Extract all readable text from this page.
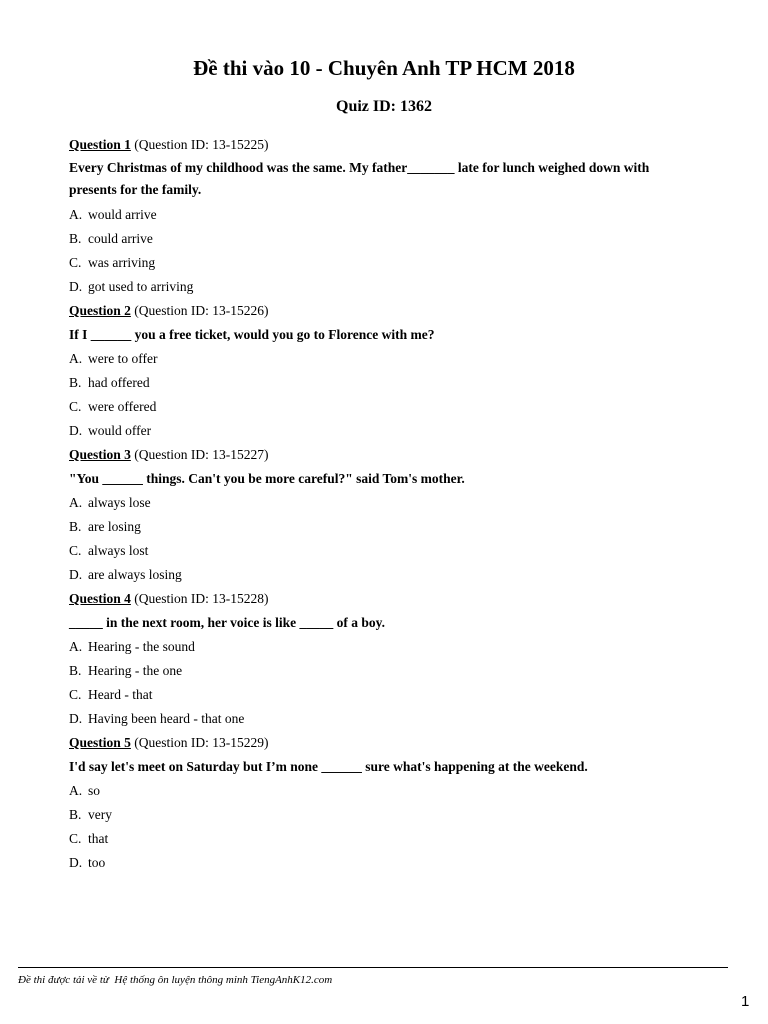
Đề thi vào 10 - Chuyên Anh TP HCM 2018
Quiz ID: 1362
Question 1 (Question ID: 13-15225)
Every Christmas of my childhood was the same. My father_______ late for lunch weighed down with presents for the family.
A. would arrive
B. could arrive
C. was arriving
D. got used to arriving
Question 2 (Question ID: 13-15226)
If I ______ you a free ticket, would you go to Florence with me?
A. were to offer
B. had offered
C. were offered
D. would offer
Question 3 (Question ID: 13-15227)
"You ______ things. Can't you be more careful?" said Tom's mother.
A. always lose
B. are losing
C. always lost
D. are always losing
Question 4 (Question ID: 13-15228)
_____ in the next room, her voice is like _____ of a boy.
A. Hearing - the sound
B. Hearing - the one
C. Heard - that
D. Having been heard - that one
Question 5 (Question ID: 13-15229)
I'd say let's meet on Saturday but I’m none ______ sure what's happening at the weekend.
A. so
B. very
C. that
D. too
Đề thi được tải về từ  Hệ thống ôn luyện thông minh TiengAnhK12.com
1
